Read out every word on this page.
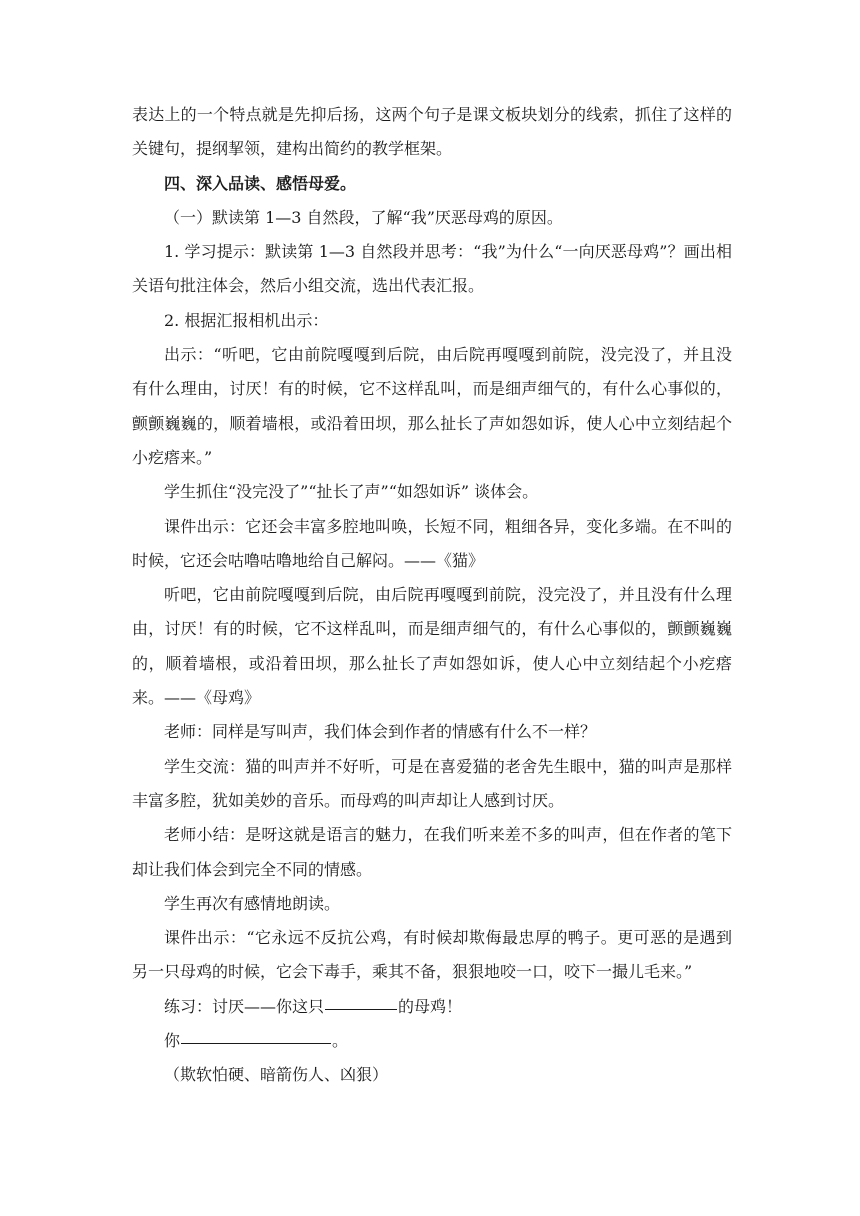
表达上的一个特点就是先抑后扬，这两个句子是课文板块划分的线索，抓住了这样的关键句，提纲挈领，建构出简约的教学框架。

四、深入品读、感悟母爱。

（一）默读第 1—3 自然段，了解“我”厌恶母鸡的原因。

1. 学习提示：默读第 1—3 自然段并思考：“我”为什么“一向厌恶母鸡”？画出相关语句批注体会，然后小组交流，选出代表汇报。

2. 根据汇报相机出示：

出示：“听吧，它由前院嘎嘎到后院，由后院再嘎嘎到前院，没完没了，并且没有什么理由，讨厌！有的时候，它不这样乱叫，而是细声细气的，有什么心事似的，颤颤巍巍的，顺着墙根，或沿着田坝，那么扯长了声如怨如诉，使人心中立刻结起个小疙瘩来。”

学生抓住“没完没了”“扯长了声”“如怨如诉” 谈体会。

课件出示：它还会丰富多腔地叫唤，长短不同，粗细各异，变化多端。在不叫的时候，它还会咕噜咕噜地给自己解闷。——《猫》

听吧，它由前院嘎嘎到后院，由后院再嘎嘎到前院，没完没了，并且没有什么理由，讨厌！有的时候，它不这样乱叫，而是细声细气的，有什么心事似的，颤颤巍巍的，顺着墙根，或沿着田坝，那么扯长了声如怨如诉，使人心中立刻结起个小疙瘩来。——《母鸡》

老师：同样是写叫声，我们体会到作者的情感有什么不一样？

学生交流：猫的叫声并不好听，可是在喜爱猫的老舍先生眼中，猫的叫声是那样丰富多腔，犹如美妙的音乐。而母鸡的叫声却让人感到讨厌。

老师小结：是呀这就是语言的魅力，在我们听来差不多的叫声，但在作者的笔下却让我们体会到完全不同的情感。

学生再次有感情地朗读。

课件出示：“它永远不反抗公鸡，有时候却欺侮最忠厚的鸭子。更可恶的是遇到另一只母鸡的时候，它会下毒手，乘其不备，狠狠地咬一口，咬下一撮儿毛来。”

练习：讨厌——你这只	的母鸡！

你	。

（欺软怕硬、暗箭伤人、凶狠）
